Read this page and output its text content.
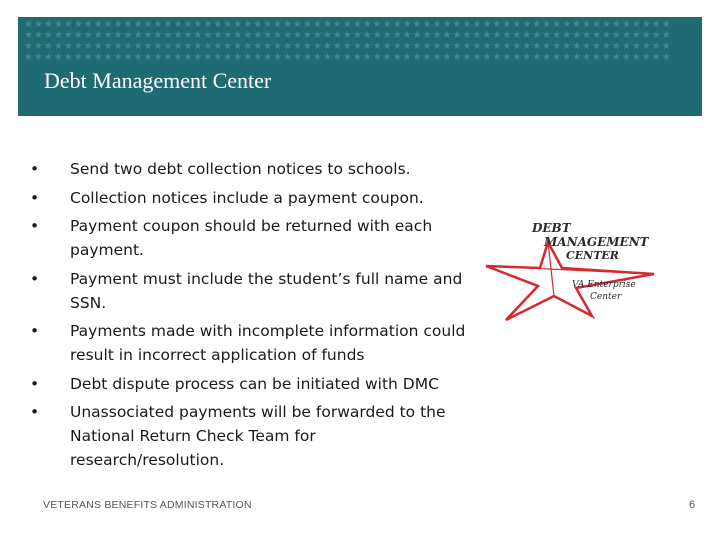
★★★★★★★★★★★★★★★★★★★★★★★★★★★★★★★★★★★★★★★★★★★★★★★★★★★★★★★★★★★★★★★★★
★★★★★★★★★★★★★★★★★★★★★★★★★★★★★★★★★★★★★★★★★★★★★★★★★★★★★★★★★★★★★★★★★
★★★★★★★★★★★★★★★★★★★★★★★★★★★★★★★★★★★★★★★★★★★★★★★★★★★★★★★★★★★★★★★★★
★★★★★★★★★★★★★★★★★★★★★★★★★★★★★★★★★★★★★★★★★★★★★★★★★★★★★★★★★★★★★★★★★
Debt Management Center
• Send two debt collection notices to schools.
• Collection notices include a payment coupon.
• Payment coupon should be returned with each payment.
• Payment must include the student’s full name and SSN.
• Payments made with incomplete information could result in incorrect application of funds
• Debt dispute process can be initiated with DMC
• Unassociated payments will be forwarded to the National Return Check Team for research/resolution.
DEBT
MANAGEMENT
CENTER
VA Enterprise
Center
VETERANS BENEFITS ADMINISTRATION	6
